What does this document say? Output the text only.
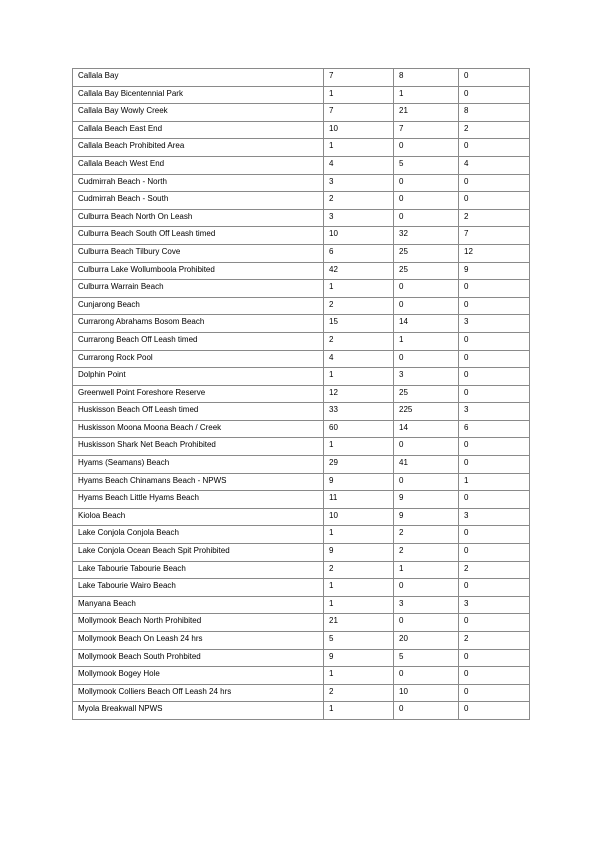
Callala Bay	7	8	0
Callala Bay Bicentennial Park	1	1	0
Callala Bay Wowly Creek	7	21	8
Callala Beach East End	10	7	2
Callala Beach Prohibited Area	1	0	0
Callala Beach West End	4	5	4
Cudmirrah Beach - North	3	0	0
Cudmirrah Beach - South	2	0	0
Culburra Beach North On Leash	3	0	2
Culburra Beach South Off Leash timed	10	32	7
Culburra Beach Tilbury Cove	6	25	12
Culburra Lake Wollumboola Prohibited	42	25	9
Culburra Warrain Beach	1	0	0
Cunjarong Beach	2	0	0
Currarong Abrahams Bosom Beach	15	14	3
Currarong Beach Off Leash timed	2	1	0
Currarong Rock Pool	4	0	0
Dolphin Point	1	3	0
Greenwell Point Foreshore Reserve	12	25	0
Huskisson Beach Off Leash timed	33	225	3
Huskisson Moona Moona Beach / Creek	60	14	6
Huskisson Shark Net Beach Prohibited	1	0	0
Hyams (Seamans) Beach	29	41	0
Hyams Beach Chinamans Beach - NPWS	9	0	1
Hyams Beach Little Hyams Beach	11	9	0
Kioloa Beach	10	9	3
Lake Conjola Conjola Beach	1	2	0
Lake Conjola Ocean Beach Spit Prohibited	9	2	0
Lake Tabourie Tabourie Beach	2	1	2
Lake Tabourie Wairo Beach	1	0	0
Manyana Beach	1	3	3
Mollymook Beach North Prohibited	21	0	0
Mollymook Beach On Leash 24 hrs	5	20	2
Mollymook Beach South Prohbited	9	5	0
Mollymook Bogey Hole	1	0	0
Mollymook Colliers Beach Off Leash 24 hrs	2	10	0
Myola Breakwall NPWS	1	0	0
